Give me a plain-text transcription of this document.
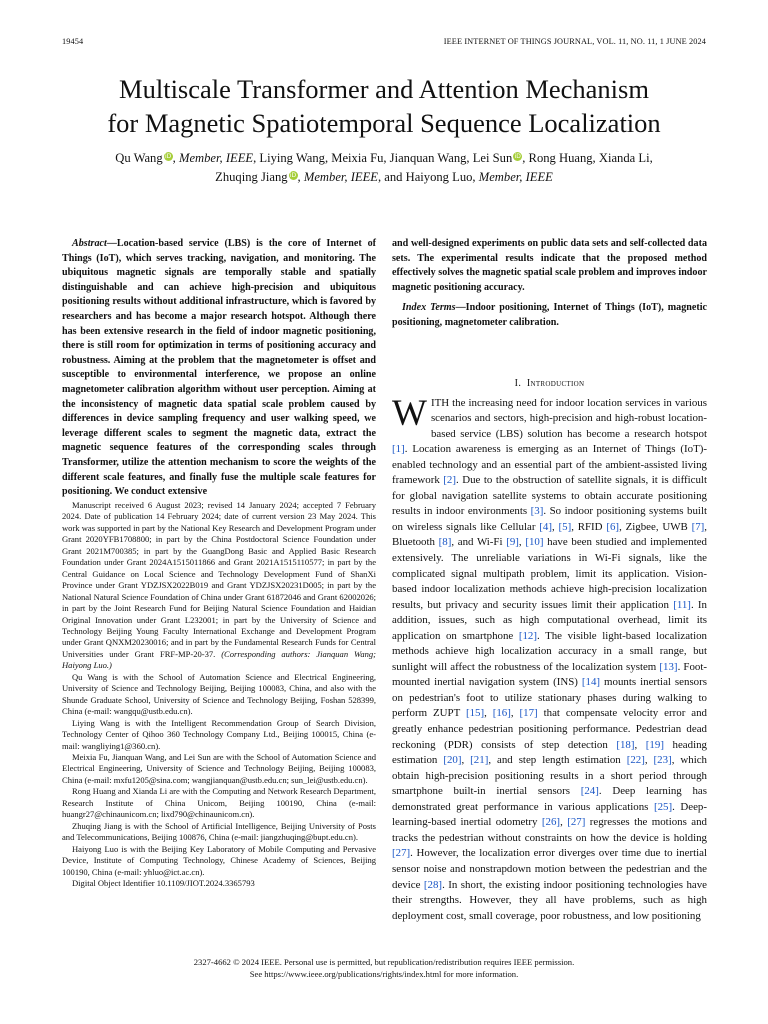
19454	IEEE INTERNET OF THINGS JOURNAL, VOL. 11, NO. 11, 1 JUNE 2024
Multiscale Transformer and Attention Mechanism
for Magnetic Spatiotemporal Sequence Localization
Qu Wang iD, Member, IEEE, Liying Wang, Meixia Fu, Jianquan Wang, Lei Sun iD, Rong Huang, Xianda Li,
Zhuqing Jiang iD, Member, IEEE, and Haiyong Luo, Member, IEEE

Abstract—Location-based service (LBS) is the core of Internet of Things (IoT), which serves tracking, navigation, and monitoring. The ubiquitous magnetic signals are temporally stable and spatially distinguishable and can achieve high-precision and ubiquitous positioning results without additional infrastructure, which is favored by researchers and has become a major research hotspot. Although there has been extensive research in the field of indoor magnetic positioning, there is still room for optimization in terms of positioning accuracy and robustness. Aiming at the problem that the magnetometer is offset and susceptible to environmental interference, we propose an online magnetometer calibration algorithm without user perception. Aiming at the inconsistency of magnetic data spatial scale problem caused by differences in device sampling frequency and user walking speed, we leverage different scales to segment the magnetic data, extract the magnetic sequence features of the corresponding scales through Transformer, utilize the attention mechanism to score the weights of the different scale features, and finally fuse the multiple scale features for positioning. We conduct extensive

Manuscript received 6 August 2023; revised 14 January 2024; accepted 7 February 2024. Date of publication 14 February 2024; date of current version 23 May 2024. This work was supported in part by the National Key Research and Development Program under Grant 2020YFB1708800; in part by the China Postdoctoral Science Foundation under Grant 2021M700385; in part by the GuangDong Basic and Applied Basic Research Foundation under Grant 2024A1515011866 and Grant 2021A1515110577; in part by the Central Guidance on Local Science and Technology Development Fund of ShanXi Province under Grant YDZJSX2022B019 and Grant YDZJSX20231D005; in part by the National Natural Science Foundation of China under Grant 61872046 and Grant 62002026; in part by the Joint Research Fund for Beijing Natural Science Foundation and Haidian Original Innovation under Grant L232001; in part by the University of Science and Technology Beijing Young Faculty International Exchange and Development Program under Grant QNXM20230016; and in part by the Fundamental Research Funds for Central Universities under Grant FRF-MP-20-37. (Corresponding authors: Jianquan Wang; Haiyong Luo.)

Qu Wang is with the School of Automation Science and Electrical Engineering, University of Science and Technology Beijing, Beijing 100083, China, and also with the Shunde Graduate School, University of Science and Technology Beijing, Foshan 528399, China (e-mail: wangqu@ustb.edu.cn).

Liying Wang is with the Intelligent Recommendation Group of Search Division, Technology Center of Qihoo 360 Technology Company Ltd., Beijing 100015, China (e-mail: wangliying1@360.cn).

Meixia Fu, Jianquan Wang, and Lei Sun are with the School of Automation Science and Electrical Engineering, University of Science and Technology Beijing, Beijing 100083, China (e-mail: mxfu1205@sina.com; wangjianquan@ustb.edu.cn; sun_lei@ustb.edu.cn).

Rong Huang and Xianda Li are with the Computing and Network Research Department, Research Institute of China Unicom, Beijing 100190, China (e-mail: huangr27@chinaunicom.cn; lixd790@chinaunicom.cn).

Zhuqing Jiang is with the School of Artificial Intelligence, Beijing University of Posts and Telecommunications, Beijing 100876, China (e-mail: jiangzhuqing@bupt.edu.cn).

Haiyong Luo is with the Beijing Key Laboratory of Mobile Computing and Pervasive Device, Institute of Computing Technology, Chinese Academy of Sciences, Beijing 100190, China (e-mail: yhluo@ict.ac.cn).

Digital Object Identifier 10.1109/JIOT.2024.3365793

and well-designed experiments on public data sets and self-collected data sets. The experimental results indicate that the proposed method effectively solves the magnetic spatial scale problem and improves indoor magnetic positioning accuracy.

Index Terms—Indoor positioning, Internet of Things (IoT), magnetic positioning, magnetometer calibration.

I. Introduction

WITH the increasing need for indoor location services in various scenarios and sectors, high-precision and high-robust location-based service (LBS) solution has become a research hotspot [1]. Location awareness is emerging as an Internet of Things (IoT)-enabled technology and an essential part of the ambient-assisted living framework [2]. Due to the obstruction of satellite signals, it is difficult for global navigation satellite systems to obtain accurate positioning results in indoor environments [3]. So indoor positioning systems built on wireless signals like Cellular [4], [5], RFID [6], Zigbee, UWB [7], Bluetooth [8], and Wi-Fi [9], [10] have been studied and implemented extensively. The unreliable variations in Wi-Fi signals, like the complicated signal multipath problem, limit its application. Vision-based indoor localization methods achieve high-precision localization results, but privacy and security issues limit their application [11]. In addition, issues, such as high computational overhead, limit its application on smartphone [12]. The visible light-based localization methods achieve high localization accuracy in a small range, but sunlight will affect the robustness of the localization system [13]. Foot-mounted inertial navigation system (INS) [14] mounts inertial sensors on pedestrian's foot to utilize stationary phases during walking to perform ZUPT [15], [16], [17] that compensate velocity error and greatly enhance pedestrian positioning performance. Pedestrian dead reckoning (PDR) consists of step detection [18], [19] heading estimation [20], [21], and step length estimation [22], [23], which obtain high-precision positioning results in a short period through smartphone built-in inertial sensors [24]. Deep learning has demonstrated great performance in various applications [25]. Deep-learning-based inertial odometry [26], [27] regresses the motions and tracks the pedestrian without constraints on how the device is holding [27]. However, the localization error diverges over time due to inertial sensor noise and nonstrapdown motion between the pedestrian and the device [28]. In short, the existing indoor positioning technologies have their strengths. However, they all have problems, such as high deployment cost, small coverage, poor robustness, and low positioning

2327-4662 © 2024 IEEE. Personal use is permitted, but republication/redistribution requires IEEE permission.
See https://www.ieee.org/publications/rights/index.html for more information.
